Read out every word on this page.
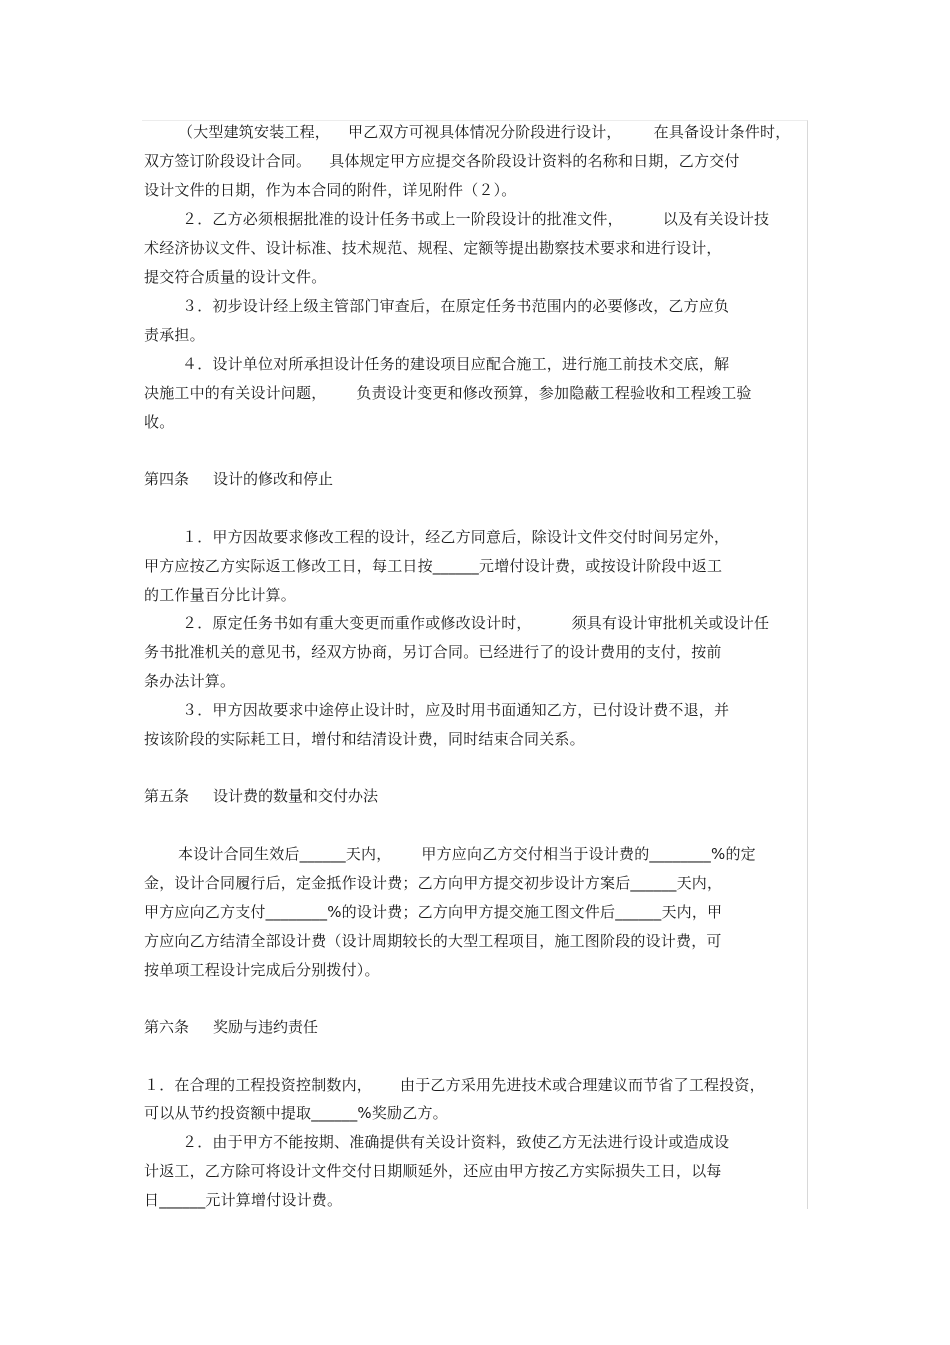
（大型建筑安装工程， 甲乙双方可视具体情况分阶段进行设计， 在具备设计条件时，
双方签订阶段设计合同。 具体规定甲方应提交各阶段设计资料的名称和日期，乙方交付
设计文件的日期，作为本合同的附件，详见附件（２）。
２．乙方必须根据批准的设计任务书或上一阶段设计的批准文件，	以及有关设计技
术经济协议文件、设计标准、技术规范、规程、定额等提出勘察技术要求和进行设计，
提交符合质量的设计文件。
３．初步设计经上级主管部门审查后，在原定任务书范围内的必要修改，乙方应负
责承担。
４．设计单位对所承担设计任务的建设项目应配合施工，进行施工前技术交底，解
决施工中的有关设计问题， 负责设计变更和修改预算，参加隐蔽工程验收和工程竣工验
收。
第四条 设计的修改和停止
１．甲方因故要求修改工程的设计，经乙方同意后，除设计文件交付时间另定外，
甲方应按乙方实际返工修改工日，每工日按______元增付设计费，或按设计阶段中返工
的工作量百分比计算。
２．原定任务书如有重大变更而重作或修改设计时，	须具有设计审批机关或设计任
务书批准机关的意见书，经双方协商，另订合同。已经进行了的设计费用的支付，按前
条办法计算。
３．甲方因故要求中途停止设计时，应及时用书面通知乙方，已付设计费不退，并
按该阶段的实际耗工日，增付和结清设计费，同时结束合同关系。
第五条 设计费的数量和交付办法
本设计合同生效后______天内， 甲方应向乙方交付相当于设计费的________%的定
金，设计合同履行后，定金抵作设计费；乙方向甲方提交初步设计方案后______天内，
甲方应向乙方支付________%的设计费；乙方向甲方提交施工图文件后______天内，甲
方应向乙方结清全部设计费（设计周期较长的大型工程项目，施工图阶段的设计费，可
按单项工程设计完成后分别拨付）。
第六条 奖励与违约责任
１．在合理的工程投资控制数内， 由于乙方采用先进技术或合理建议而节省了工程投资，
可以从节约投资额中提取______%奖励乙方。
２．由于甲方不能按期、准确提供有关设计资料，致使乙方无法进行设计或造成设
计返工，乙方除可将设计文件交付日期顺延外，还应由甲方按乙方实际损失工日，以每
日______元计算增付设计费。
